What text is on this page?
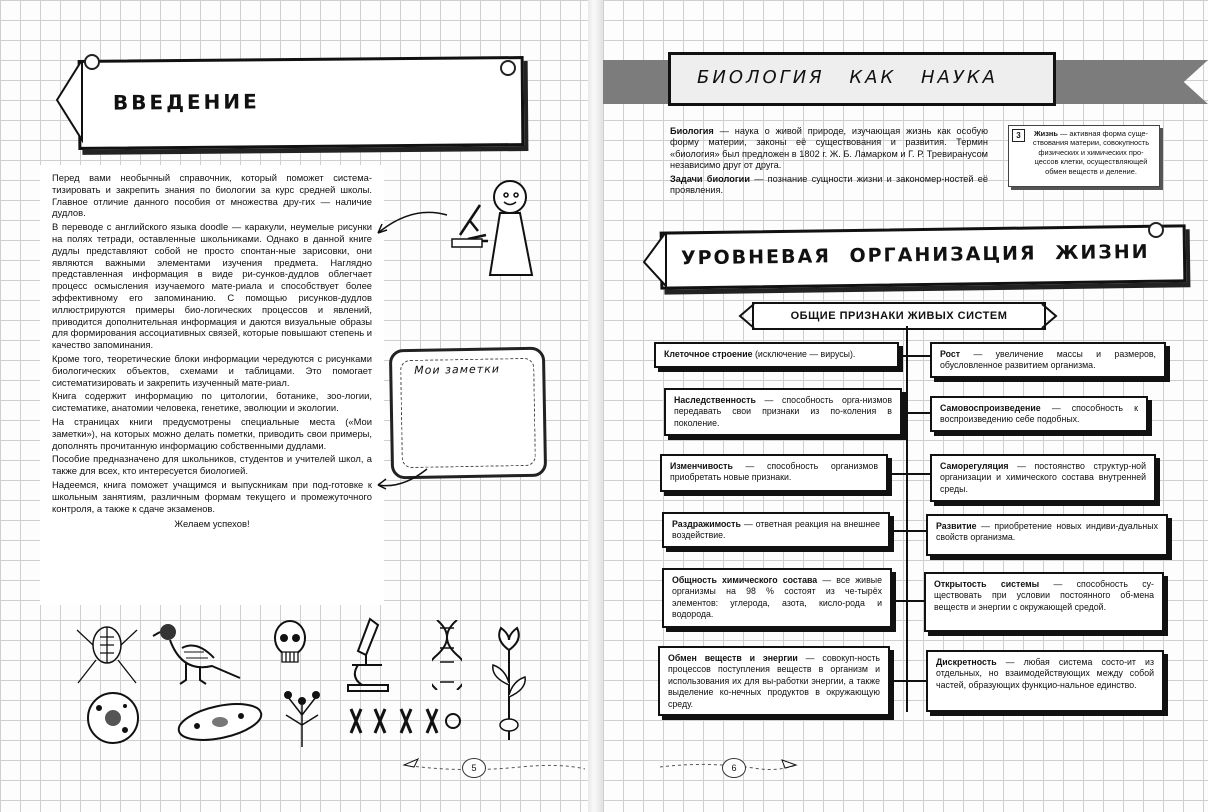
ВВЕДЕНИЕ

Перед вами необычный справочник, который поможет система-тизировать и закрепить знания по биологии за курс средней школы. Главное отличие данного пособия от множества дру-гих — наличие дудлов.

В переводе с английского языка doodle — каракули, неумелые рисунки на полях тетради, оставленные школьниками. Однако в данной книге дудлы представляют собой не просто спонтан-ные зарисовки, они являются важными элементами изучения предмета. Наглядно представленная информация в виде ри-сунков-дудлов облегчает процесс осмысления изучаемого мате-риала и способствует более эффективному его запоминанию. С помощью рисунков-дудлов иллюстрируются примеры био-логических процессов и явлений, приводится дополнительная информация и даются визуальные образы для формирования ассоциативных связей, которые повышают степень и качество запоминания.

Кроме того, теоретические блоки информации чередуются с рисунками биологических объектов, схемами и таблицами. Это помогает систематизировать и закрепить изученный мате-риал.

Книга содержит информацию по цитологии, ботанике, зоо-логии, систематике, анатомии человека, генетике, эволюции и экологии.

На страницах книги предусмотрены специальные места («Мои заметки»), на которых можно делать пометки, приводить свои примеры, дополнять прочитанную информацию собственными дудлами.

Пособие предназначено для школьников, студентов и учителей школ, а также для всех, кто интересуется биологией.

Надеемся, книга поможет учащимся и выпускникам при под-готовке к школьным занятиям, различным формам текущего и промежуточного контроля, а также к сдаче экзаменов.

Желаем успехов!

Мои заметки
5
БИОЛОГИЯ КАК НАУКА

Биология — наука о живой природе, изучающая жизнь как особую форму материи, законы её существования и развития. Термин «биология» был предложен в 1802 г. Ж. Б. Ламарком и Г. Р. Тревиранусом независимо друг от друга.

Задачи биологии — познание сущности жизни и закономер-ностей её проявления.

3	Жизнь — активная форма суще-ствования материи, совокупность физических и химических про-цессов клетки, осуществляющей обмен веществ и деление.
УРОВНЕВАЯ ОРГАНИЗАЦИЯ ЖИЗНИ
ОБЩИЕ ПРИЗНАКИ ЖИВЫХ СИСТЕМ
Клеточное строение (исключение — вирусы).
Наследственность — способность орга-низмов передавать свои признаки из по-коления в поколение.
Изменчивость — способность организмов приобретать новые признаки.
Раздражимость — ответная реакция на внешнее воздействие.
Общность химического состава — все живые организмы на 98 % состоят из че-тырёх элементов: углерода, азота, кисло-рода и водорода.
Обмен веществ и энергии — совокуп-ность процессов поступления веществ в организм и использования их для вы-работки энергии, а также выделение ко-нечных продуктов в окружающую среду.
Рост — увеличение массы и размеров, обусловленное развитием организма.
Самовоспроизведение — способность к воспроизведению себе подобных.
Саморегуляция — постоянство структур-ной организации и химического состава внутренней среды.
Развитие — приобретение новых индиви-дуальных свойств организма.
Открытость системы — способность су-ществовать при условии постоянного об-мена веществ и энергии с окружающей средой.
Дискретность — любая система состо-ит из отдельных, но взаимодействующих между собой частей, образующих функцио-нальное единство.
6
